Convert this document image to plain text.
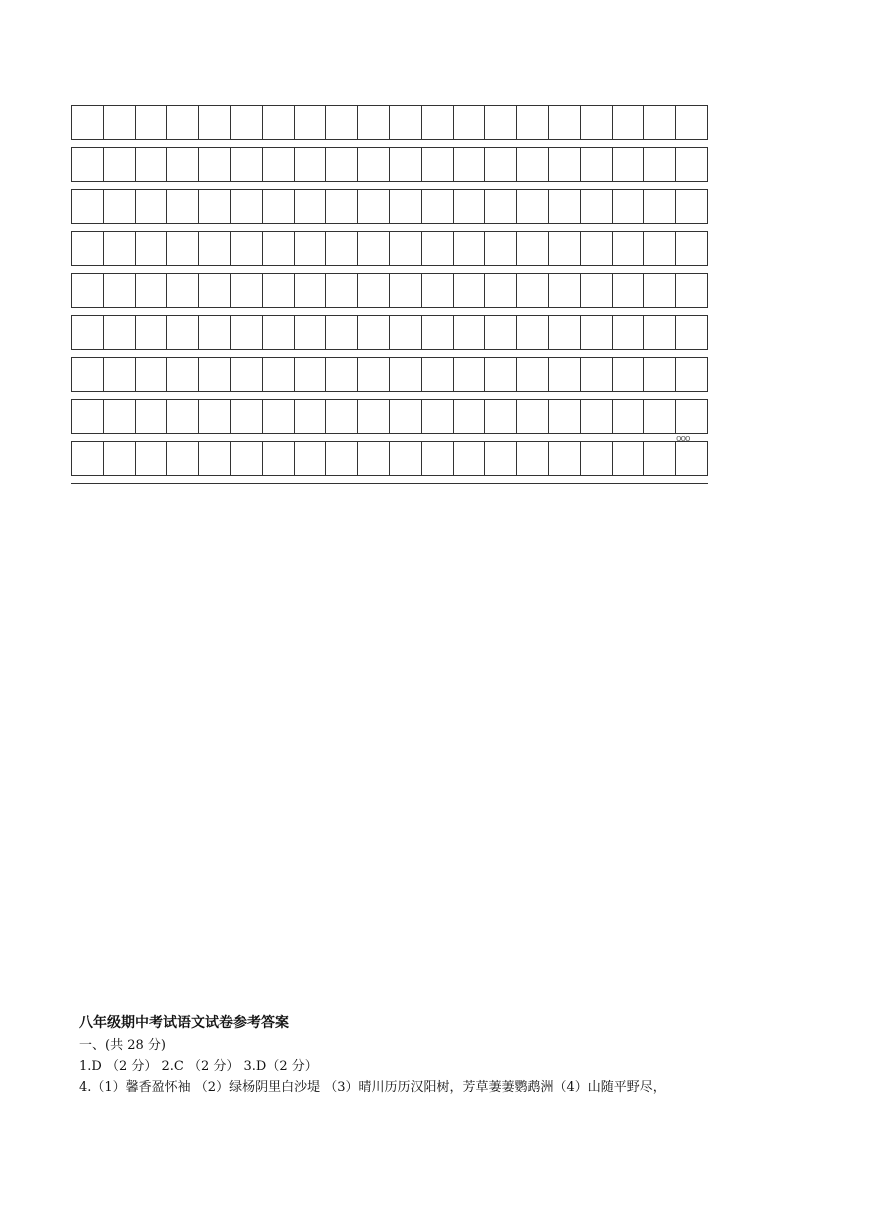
ooo
八年级期中考试语文试卷参考答案
一、(共 28 分)
1.D （2 分） 2.C （2 分） 3.D（2 分）
4.（1）馨香盈怀袖 （2）绿杨阴里白沙堤 （3）晴川历历汉阳树，芳草萋萋鹦鹉洲（4）山随平野尽，
